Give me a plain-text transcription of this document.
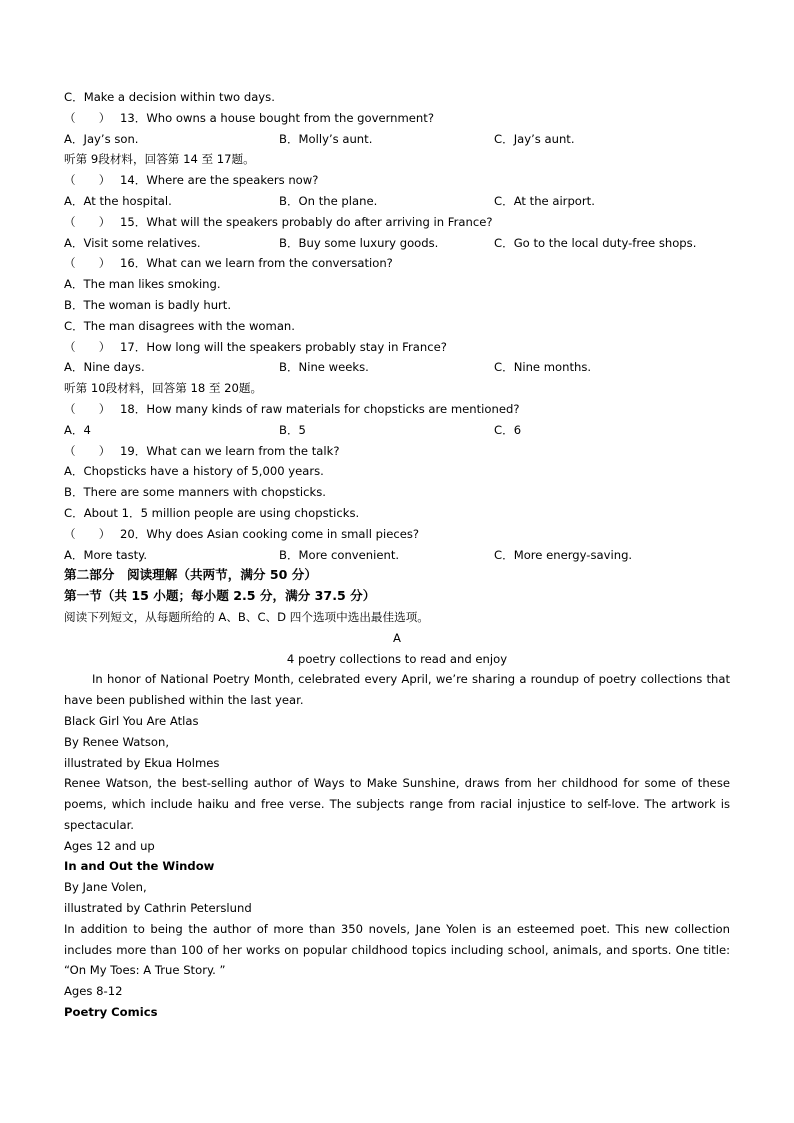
C．Make a decision within two days.
（　　） 13．Who owns a house bought from the government?
A．Jay’s son.	B．Molly’s aunt.	C．Jay’s aunt.
听第 9段材料，回答第 14 至 17题。
（　　） 14．Where are the speakers now?
A．At the hospital.	B．On the plane.	C．At the airport.
（　　） 15．What will the speakers probably do after arriving in France?
A．Visit some relatives.	B．Buy some luxury goods.	C．Go to the local duty-free shops.
（　　） 16．What can we learn from the conversation?
A．The man likes smoking.
B．The woman is badly hurt.
C．The man disagrees with the woman.
（　　） 17．How long will the speakers probably stay in France?
A．Nine days.	B．Nine weeks.	C．Nine months.
听第 10段材料，回答第 18 至 20题。
（　　） 18．How many kinds of raw materials for chopsticks are mentioned?
A．4	B．5	C．6
（　　） 19．What can we learn from the talk?
A．Chopsticks have a history of 5,000 years.
B．There are some manners with chopsticks.
C．About 1．5 million people are using chopsticks.
（　　） 20．Why does Asian cooking come in small pieces?
A．More tasty.	B．More convenient.	C．More energy-saving.
第二部分　阅读理解（共两节，满分 50 分）
第一节（共 15 小题；每小题 2.5 分，满分 37.5 分）
阅读下列短文，从每题所给的 A、B、C、D 四个选项中选出最佳选项。
A
4 poetry collections to read and enjoy
In honor of National Poetry Month, celebrated every April, we’re sharing a roundup of poetry collections that have been published within the last year.
Black Girl You Are Atlas
By Renee Watson,
illustrated by Ekua Holmes
Renee Watson, the best-selling author of Ways to Make Sunshine, draws from her childhood for some of these poems, which include haiku and free verse. The subjects range from racial injustice to self-love. The artwork is spectacular.
Ages 12 and up
In and Out the Window
By Jane Volen,
illustrated by Cathrin Peterslund
In addition to being the author of more than 350 novels, Jane Yolen is an esteemed poet. This new collection includes more than 100 of her works on popular childhood topics including school, animals, and sports. One title: “On My Toes: A True Story. ”
Ages 8-12
Poetry Comics
